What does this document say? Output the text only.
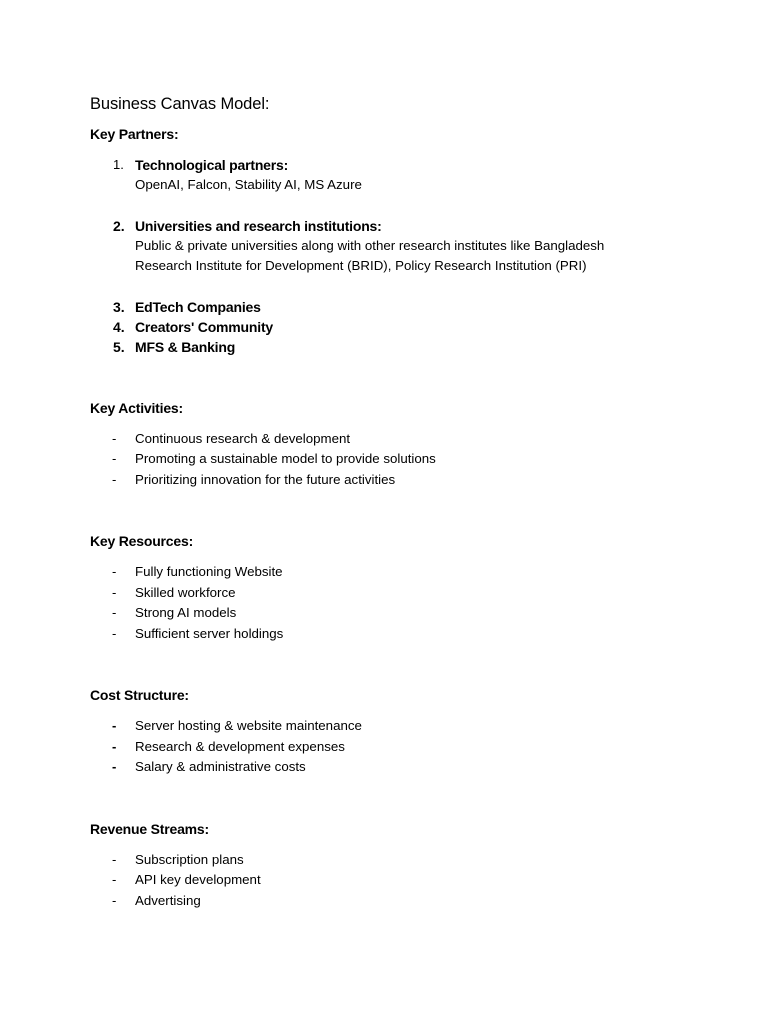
Business Canvas Model:
Key Partners:
1. Technological partners:
OpenAI, Falcon, Stability AI, MS Azure
2. Universities and research institutions:
Public & private universities along with other research institutes like Bangladesh
Research Institute for Development (BRID), Policy Research Institution (PRI)
3. EdTech Companies
4. Creators' Community
5. MFS & Banking
Key Activities:
- Continuous research & development
- Promoting a sustainable model to provide solutions
- Prioritizing innovation for the future activities
Key Resources:
- Fully functioning Website
- Skilled workforce
- Strong AI models
- Sufficient server holdings
Cost Structure:
- Server hosting & website maintenance
- Research & development expenses
- Salary & administrative costs
Revenue Streams:
- Subscription plans
- API key development
- Advertising
